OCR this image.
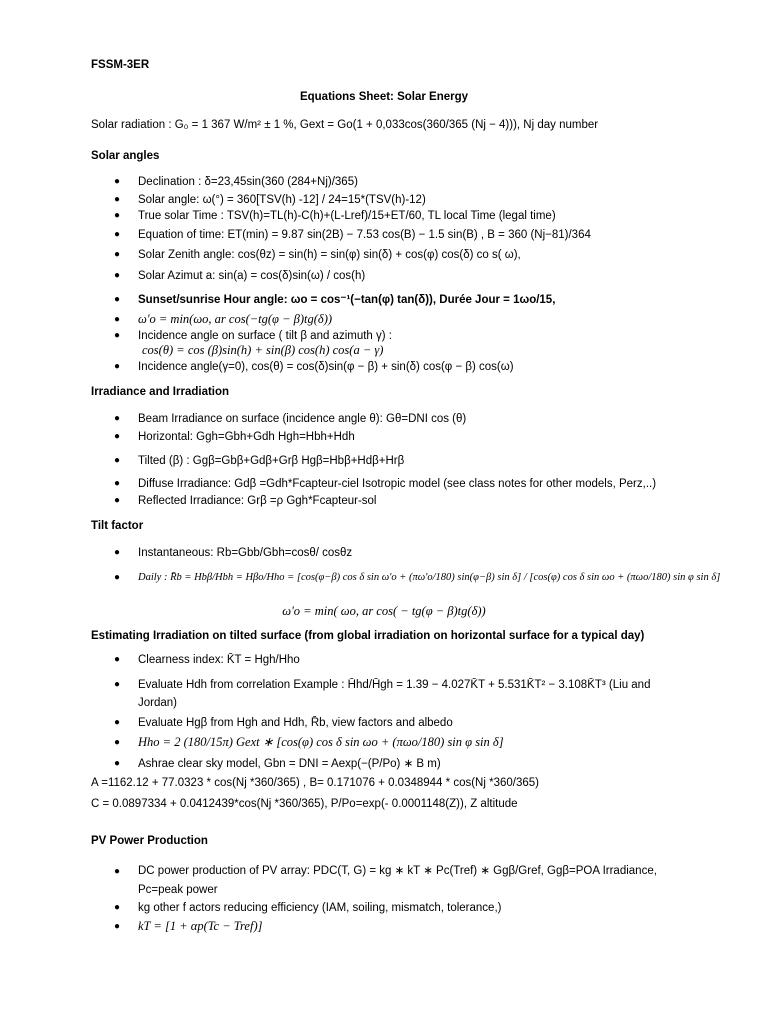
FSSM-3ER
Equations Sheet: Solar Energy
Solar radiation : G₀ = 1 367 W/m² ± 1 %, Gext = Go(1 + 0,033cos(360/365 (Nj − 4))), Nj day number
Solar angles
●
Declination : δ=23,45sin(360 (284+Nj)/365)
●
Solar angle: ω(°) = 360[TSV(h) -12] / 24=15*(TSV(h)-12)
●
True solar Time : TSV(h)=TL(h)-C(h)+(L-Lref)/15+ET/60, TL local Time (legal time)
●
Equation of time: ET(min) = 9.87 sin(2B) − 7.53 cos(B) − 1.5 sin(B) , B = 360 (Nj−81)/364
●
Solar Zenith angle: cos(θz) = sin(h) = sin(φ) sin(δ) + cos(φ) cos(δ) co s( ω),
●
Solar Azimut a: sin(a) = cos(δ)sin(ω) / cos(h)
●
Sunset/sunrise Hour angle: ωo = cos⁻¹(−tan(φ) tan(δ)), Durée Jour = 1ωo/15,
●
ω'o = min(ωo, ar cos(−tg(φ − β)tg(δ))
●
Incidence angle on surface ( tilt β and azimuth γ) :
cos(θ) = cos (β)sin(h) + sin(β) cos(h) cos(a − γ)
●
Incidence angle(γ=0), cos(θ) = cos(δ)sin(φ − β) + sin(δ) cos(φ − β) cos(ω)
Irradiance and Irradiation
●
Beam Irradiance on surface (incidence angle θ): Gθ=DNI cos (θ)
●
Horizontal: Ggh=Gbh+Gdh Hgh=Hbh+Hdh
●
Tilted (β) : Ggβ=Gbβ+Gdβ+Grβ Hgβ=Hbβ+Hdβ+Hrβ
●
Diffuse Irradiance: Gdβ =Gdh*Fcapteur-ciel Isotropic model (see class notes for other models, Perz,..)
●
Reflected Irradiance: Grβ =ρ Ggh*Fcapteur-sol
Tilt factor
●
Instantaneous: Rb=Gbb/Gbh=cosθ/ cosθz
●
Daily : R̄b = Hbβ/Hbh = Hβo/Hho = [cos(φ−β) cos δ sin ω'o + (πω'o/180) sin(φ−β) sin δ] / [cos(φ) cos δ sin ωo + (πωo/180) sin φ sin δ]
ω'o = min( ωo, ar cos( − tg(φ − β)tg(δ))
Estimating Irradiation on tilted surface (from global irradiation on horizontal surface for a typical day)
●
Clearness index: K̄T = Hgh/Hho
●
Evaluate Hdh from correlation Example : H̄hd/H̄gh = 1.39 − 4.027K̄T + 5.531K̄T² − 3.108K̄T³ (Liu and
Jordan)
●
Evaluate Hgβ from Hgh and Hdh, R̄b, view factors and albedo
●
Hho = 2 (180/15π) Gext ∗ [cos(φ) cos δ sin ωo + (πωo/180) sin φ sin δ]
●
Ashrae clear sky model, Gbn = DNI = Aexp(−(P/Po) ∗ B m)
A =1162.12 + 77.0323 * cos(Nj *360/365) , B= 0.171076 + 0.0348944 * cos(Nj *360/365)
C = 0.0897334 + 0.0412439*cos(Nj *360/365), P/Po=exp(- 0.0001148(Z)), Z altitude
PV Power Production
●
DC power production of PV array: PDC(T, G) = kg ∗ kT ∗ Pc(Tref) ∗ Ggβ/Gref, Ggβ=POA Irradiance,
Pc=peak power
●
kg other f actors reducing efficiency (IAM, soiling, mismatch, tolerance,)
●
kT = [1 + αp(Tc − Tref)]
